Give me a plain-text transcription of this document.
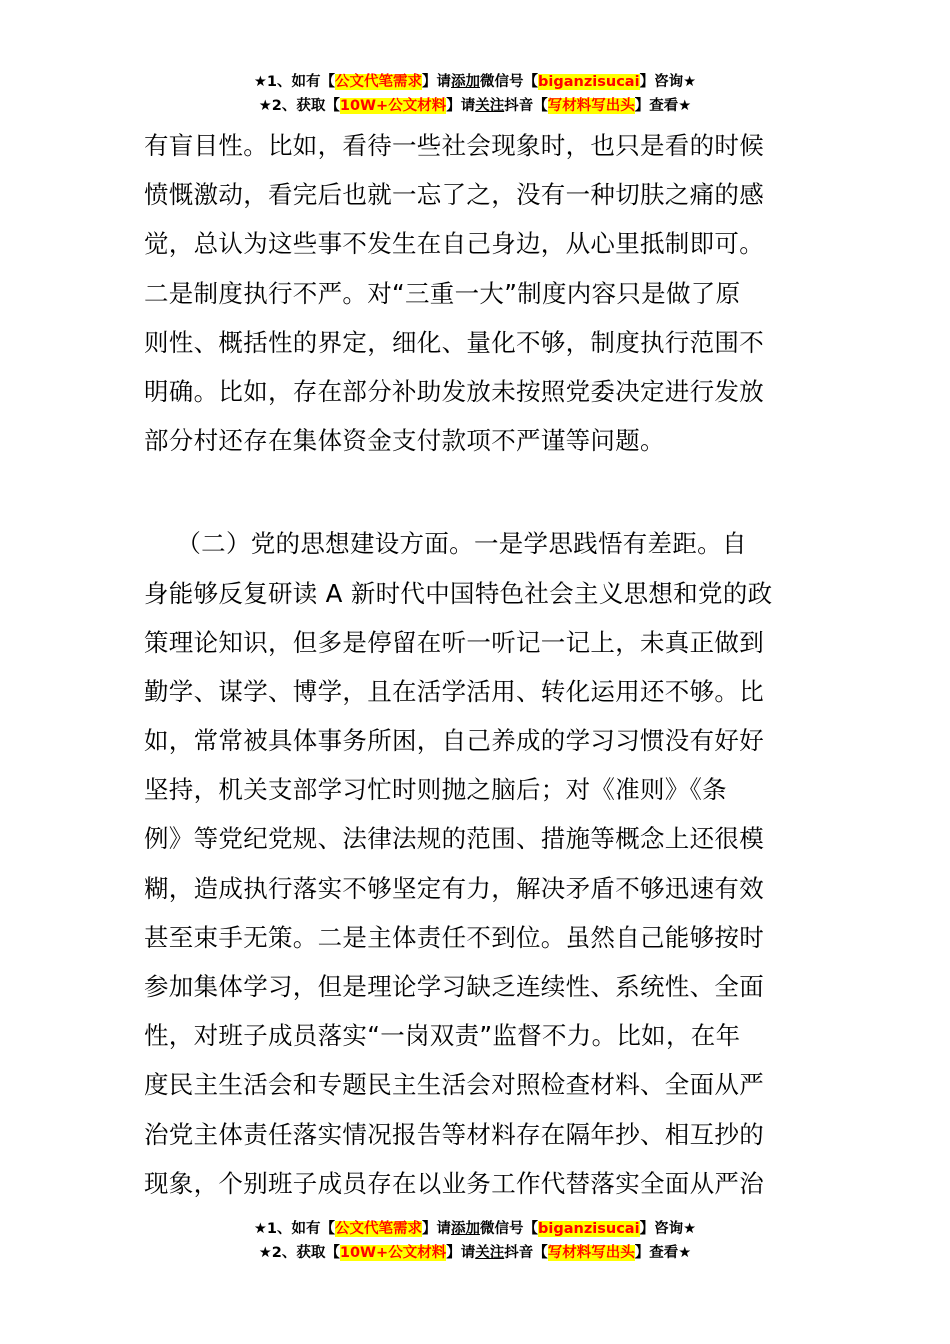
★1、如有【公文代笔需求】请添加微信号【biganzisucai】咨询★
★2、获取【10W+公文材料】请关注抖音【写材料写出头】查看★
有盲目性。比如，看待一些社会现象时，也只是看的时候
愤慨激动，看完后也就一忘了之，没有一种切肤之痛的感
觉，总认为这些事不发生在自己身边，从心里抵制即可。
二是制度执行不严。对“三重一大”制度内容只是做了原
则性、概括性的界定，细化、量化不够，制度执行范围不
明确。比如，存在部分补助发放未按照党委决定进行发放
部分村还存在集体资金支付款项不严谨等问题。
（二）党的思想建设方面。一是学思践悟有差距。自
身能够反复研读 A 新时代中国特色社会主义思想和党的政
策理论知识，但多是停留在听一听记一记上，未真正做到
勤学、谋学、博学，且在活学活用、转化运用还不够。比
如，常常被具体事务所困，自己养成的学习习惯没有好好
坚持，机关支部学习忙时则抛之脑后；对《准则》《条
例》等党纪党规、法律法规的范围、措施等概念上还很模
糊，造成执行落实不够坚定有力，解决矛盾不够迅速有效
甚至束手无策。二是主体责任不到位。虽然自己能够按时
参加集体学习，但是理论学习缺乏连续性、系统性、全面
性，对班子成员落实“一岗双责”监督不力。比如，在年
度民主生活会和专题民主生活会对照检查材料、全面从严
治党主体责任落实情况报告等材料存在隔年抄、相互抄的
现象，个别班子成员存在以业务工作代替落实全面从严治
★1、如有【公文代笔需求】请添加微信号【biganzisucai】咨询★
★2、获取【10W+公文材料】请关注抖音【写材料写出头】查看★
